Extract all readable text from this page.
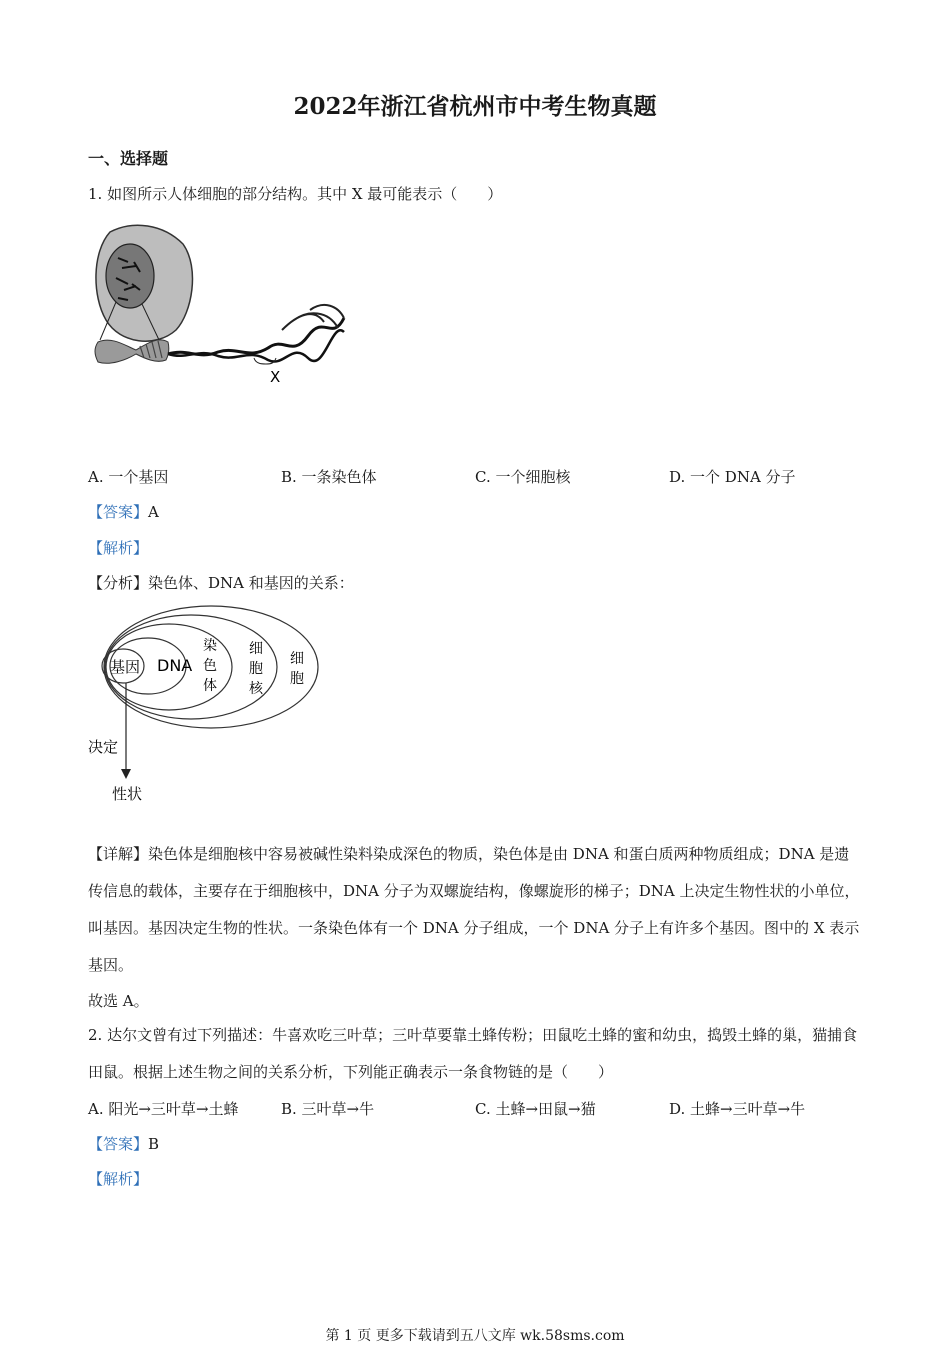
2022年浙江省杭州市中考生物真题
一、选择题
1. 如图所示人体细胞的部分结构。其中 X 最可能表示（　　）
X
A. 一个基因	B. 一条染色体	C. 一个细胞核	D. 一个 DNA 分子
【答案】A
【解析】
【分析】染色体、DNA 和基因的关系：
基因 DNA
染
色
体
细
胞
核
细
胞
决定
性状
【详解】染色体是细胞核中容易被碱性染料染成深色的物质，染色体是由 DNA 和蛋白质两种物质组成；DNA 是遗传信息的载体，主要存在于细胞核中，DNA 分子为双螺旋结构，像螺旋形的梯子；DNA 上决定生物性状的小单位，叫基因。基因决定生物的性状。一条染色体有一个 DNA 分子组成，一个 DNA 分子上有许多个基因。图中的 X 表示基因。
故选 A。
2. 达尔文曾有过下列描述：牛喜欢吃三叶草；三叶草要靠土蜂传粉；田鼠吃土蜂的蜜和幼虫，捣毁土蜂的巢，猫捕食田鼠。根据上述生物之间的关系分析，下列能正确表示一条食物链的是（　　）
A. 阳光→三叶草→土蜂	B. 三叶草→牛	C. 土蜂→田鼠→猫	D. 土蜂→三叶草→牛
【答案】B
【解析】
第 1 页 更多下载请到五八文库 wk.58sms.com
